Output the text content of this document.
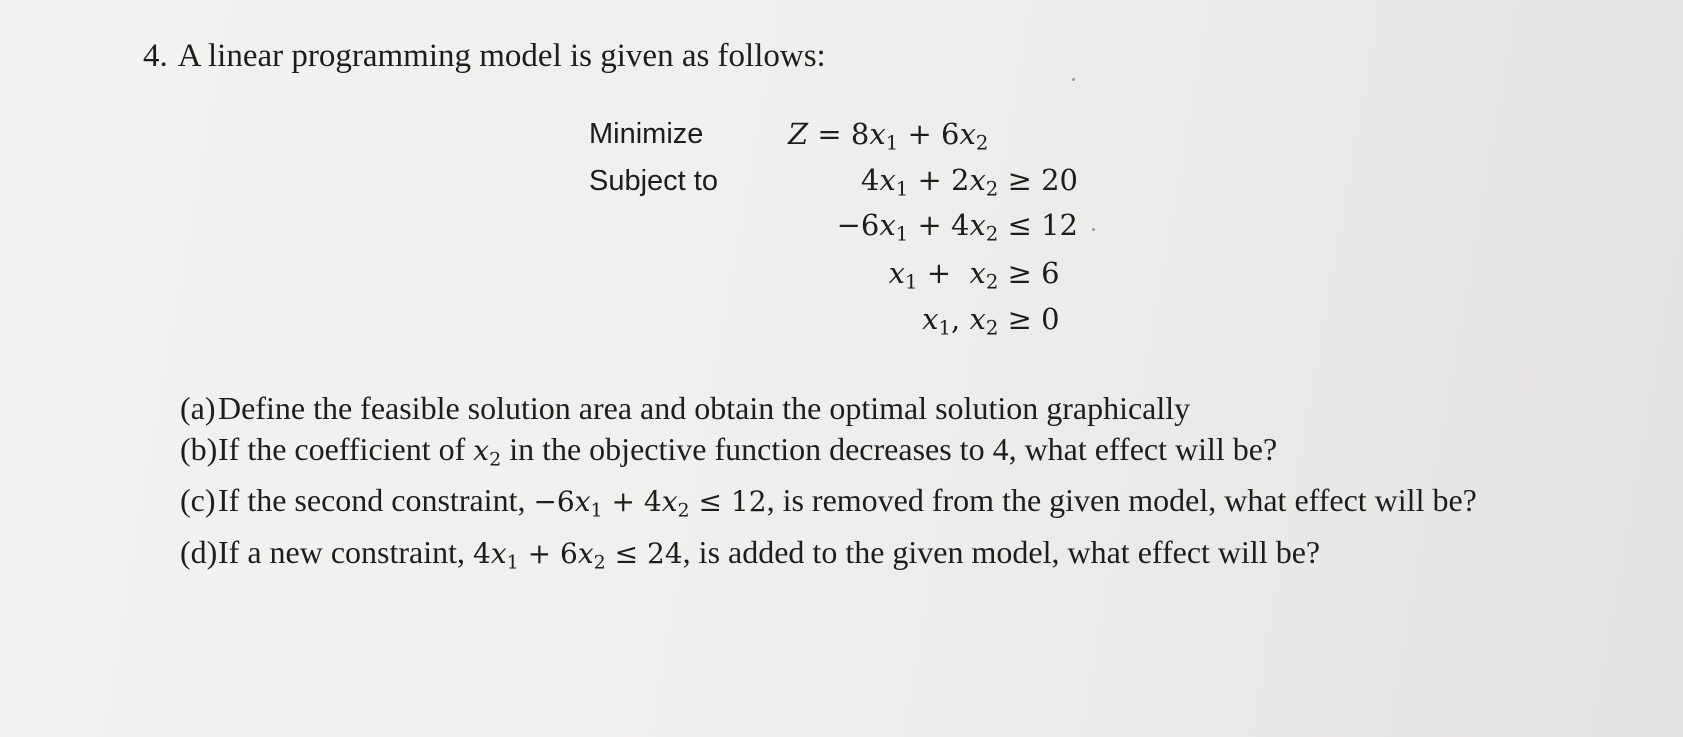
4. A linear programming model is given as follows:
Minimize
Subject to
$Z = 8x_1 + 6x_2$
$4x_1 + 2x_2 \ge 20$
$-6x_1 + 4x_2 \le 12$
$x_1 + x_2 \ge 6$
$x_1$, $x_2 \ge 0$
(a) Define the feasible solution area and obtain the optimal solution graphically
(b) If the coefficient of $x_2$ in the objective function decreases to 4, what effect will be?
(c) If the second constraint, $-6x_1 + 4x_2 \le 12$, is removed from the given model, what effect will be?
(d) If a new constraint, $4x_1 + 6x_2 \le 24$, is added to the given model, what effect will be?
